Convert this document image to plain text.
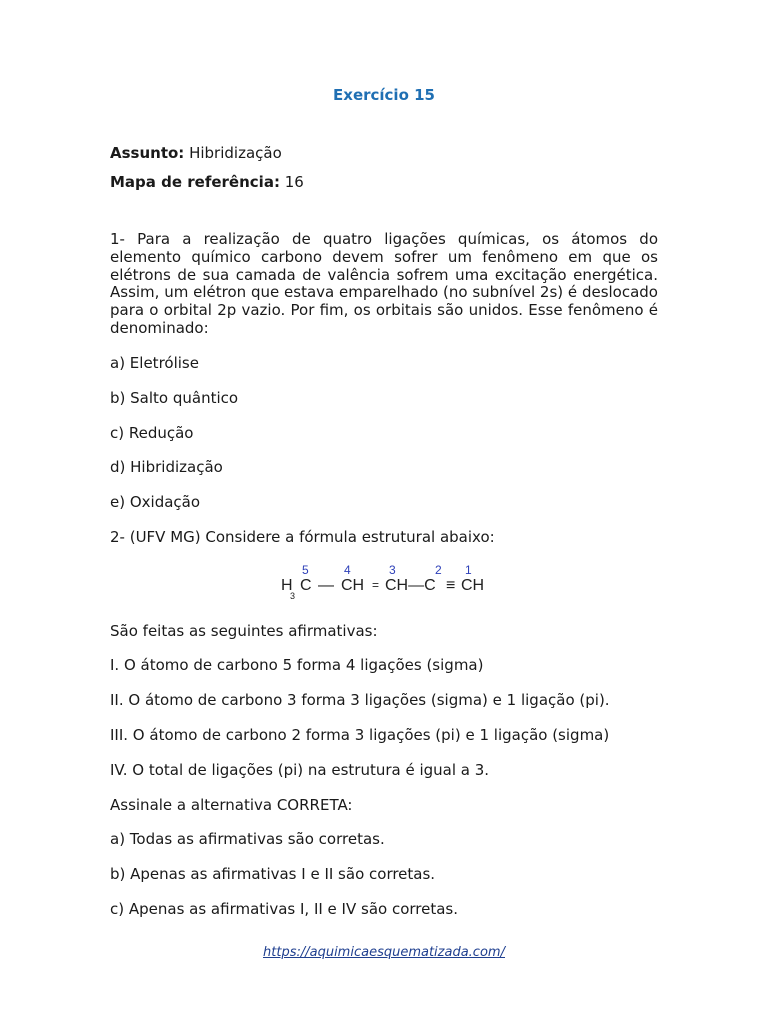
Exercício 15
Assunto: Hibridização
Mapa de referência: 16
1- Para a realização de quatro ligações químicas, os átomos do elemento químico carbono devem sofrer um fenômeno em que os elétrons de sua camada de valência sofrem uma excitação energética. Assim, um elétron que estava emparelhado (no subnível 2s) é deslocado para o orbital 2p vazio. Por fim, os orbitais são unidos. Esse fenômeno é denominado:
a) Eletrólise
b) Salto quântico
c) Redução
d) Hibridização
e) Oxidação
2- (UFV MG) Considere a fórmula estrutural abaixo:
5	4	3	2 1
H C
3
— CH = CH—C ≡ CH
São feitas as seguintes afirmativas:
I. O átomo de carbono 5 forma 4 ligações (sigma)
II. O átomo de carbono 3 forma 3 ligações (sigma) e 1 ligação (pi).
III. O átomo de carbono 2 forma 3 ligações (pi) e 1 ligação (sigma)
IV. O total de ligações (pi) na estrutura é igual a 3.
Assinale a alternativa CORRETA:
a) Todas as afirmativas são corretas.
b) Apenas as afirmativas I e II são corretas.
c) Apenas as afirmativas I, II e IV são corretas.
https://aquimicaesquematizada.com/
